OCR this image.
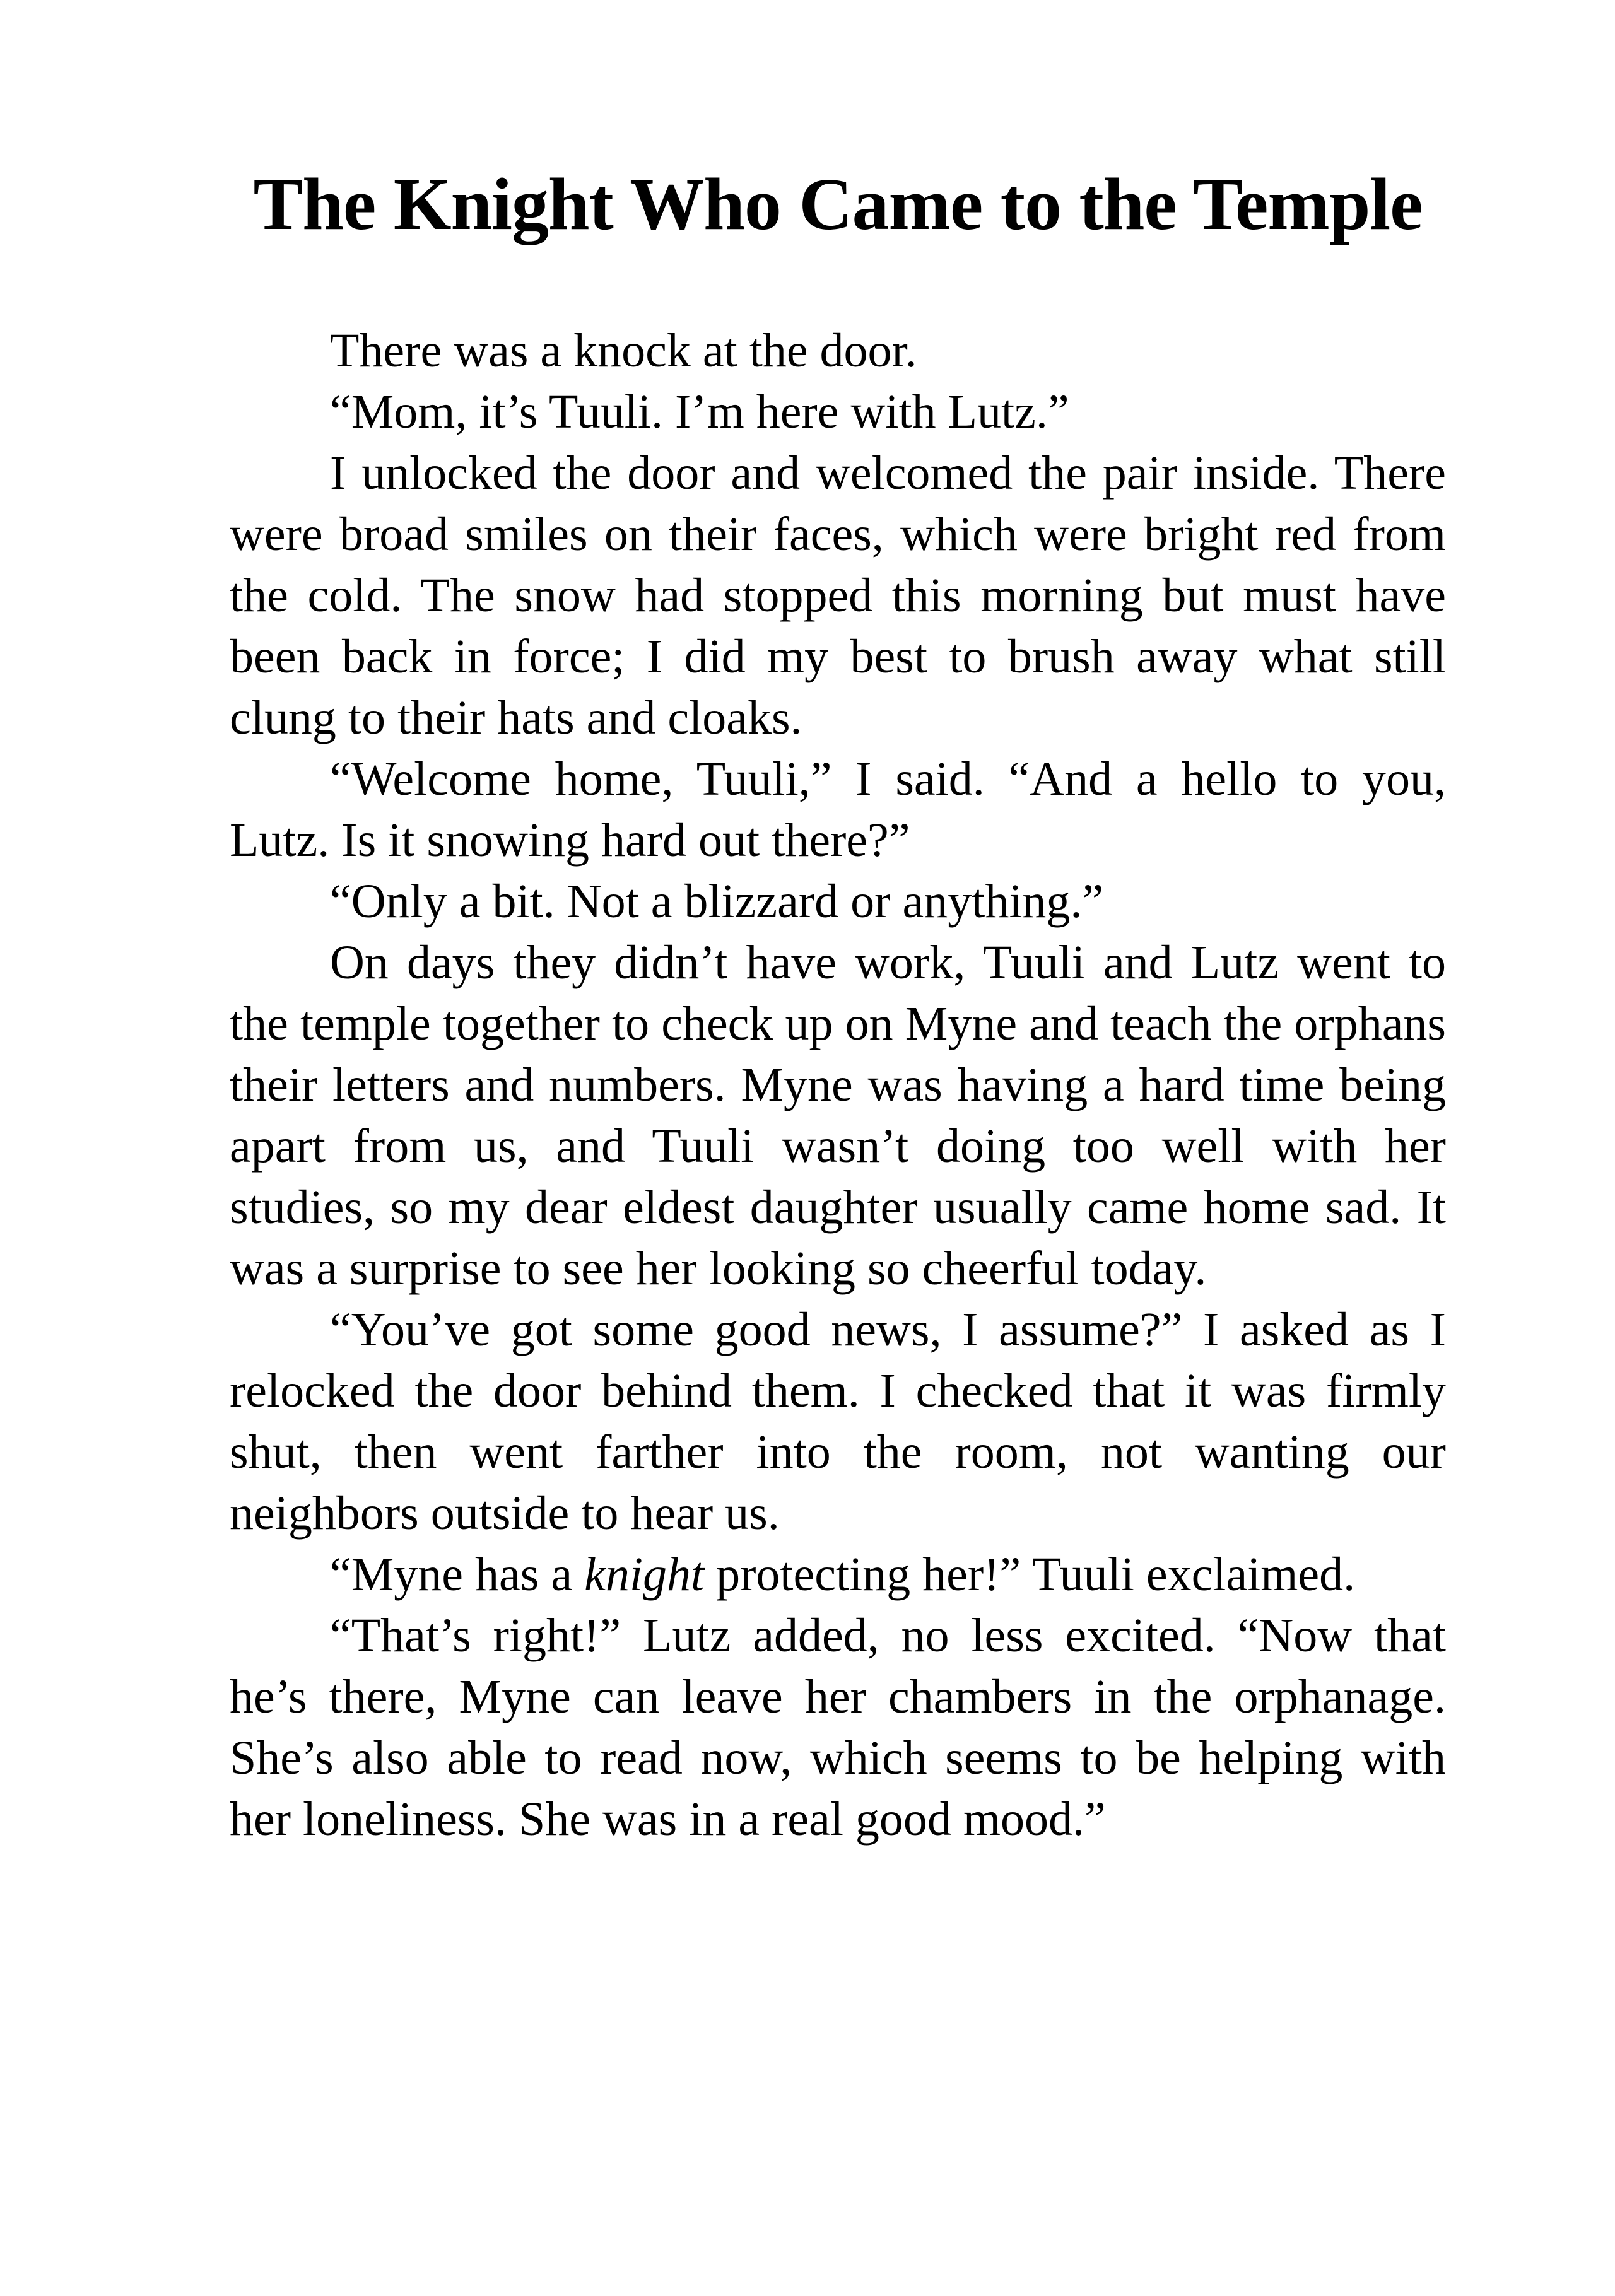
The Knight Who Came to the Temple

There was a knock at the door.

“Mom, it’s Tuuli. I’m here with Lutz.”

I unlocked the door and welcomed the pair inside. There were broad smiles on their faces, which were bright red from the cold. The snow had stopped this morning but must have been back in force; I did my best to brush away what still clung to their hats and cloaks.

“Welcome home, Tuuli,” I said. “And a hello to you, Lutz. Is it snowing hard out there?”

“Only a bit. Not a blizzard or anything.”

On days they didn’t have work, Tuuli and Lutz went to the temple together to check up on Myne and teach the orphans their letters and numbers. Myne was having a hard time being apart from us, and Tuuli wasn’t doing too well with her studies, so my dear eldest daughter usually came home sad. It was a surprise to see her looking so cheerful today.

“You’ve got some good news, I assume?” I asked as I relocked the door behind them. I checked that it was firmly shut, then went farther into the room, not wanting our neighbors outside to hear us.

“Myne has a knight protecting her!” Tuuli exclaimed.

“That’s right!” Lutz added, no less excited. “Now that he’s there, Myne can leave her chambers in the orphanage. She’s also able to read now, which seems to be helping with her loneliness. She was in a real good mood.”
